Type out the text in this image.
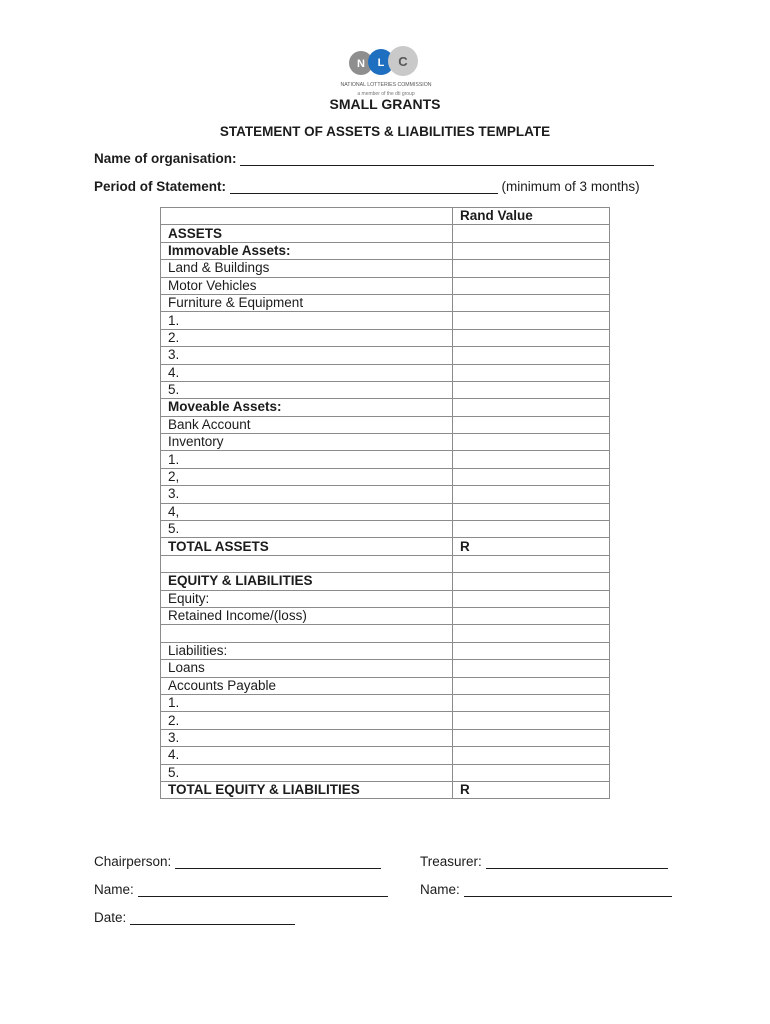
N L C
NATIONAL LOTTERIES COMMISSION
a member of the dti group
SMALL GRANTS
STATEMENT OF ASSETS & LIABILITIES TEMPLATE
Name of organisation:
Period of Statement:	(minimum of 3 months)
	Rand Value
ASSETS	
Immovable Assets:	
Land & Buildings	
Motor Vehicles	
Furniture & Equipment	
1.	
2.	
3.	
4.	
5.	
Moveable Assets:	
Bank Account	
Inventory	
1.	
2,	
3.	
4,	
5.	
TOTAL ASSETS	R

EQUITY & LIABILITIES	
Equity:	
Retained Income/(loss)	

Liabilities:	
Loans	
Accounts Payable	
1.	
2.	
3.	
4.	
5.	
TOTAL EQUITY & LIABILITIES	R
Chairperson:	Treasurer:
Name:	Name:
Date:
